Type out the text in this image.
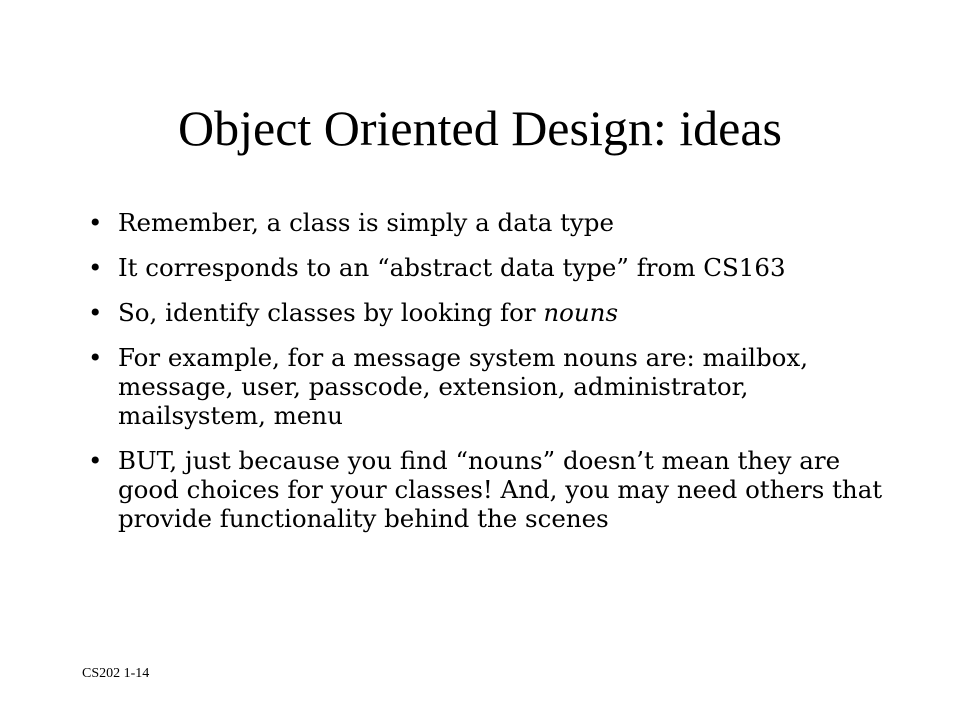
Object Oriented Design: ideas
• Remember, a class is simply a data type
• It corresponds to an “abstract data type” from CS163
• So, identify classes by looking for nouns
• For example, for a message system nouns are: mailbox, message, user, passcode, extension, administrator, mailsystem, menu
• BUT, just because you find “nouns” doesn’t mean they are good choices for your classes! And, you may need others that provide functionality behind the scenes
CS202 1-14
